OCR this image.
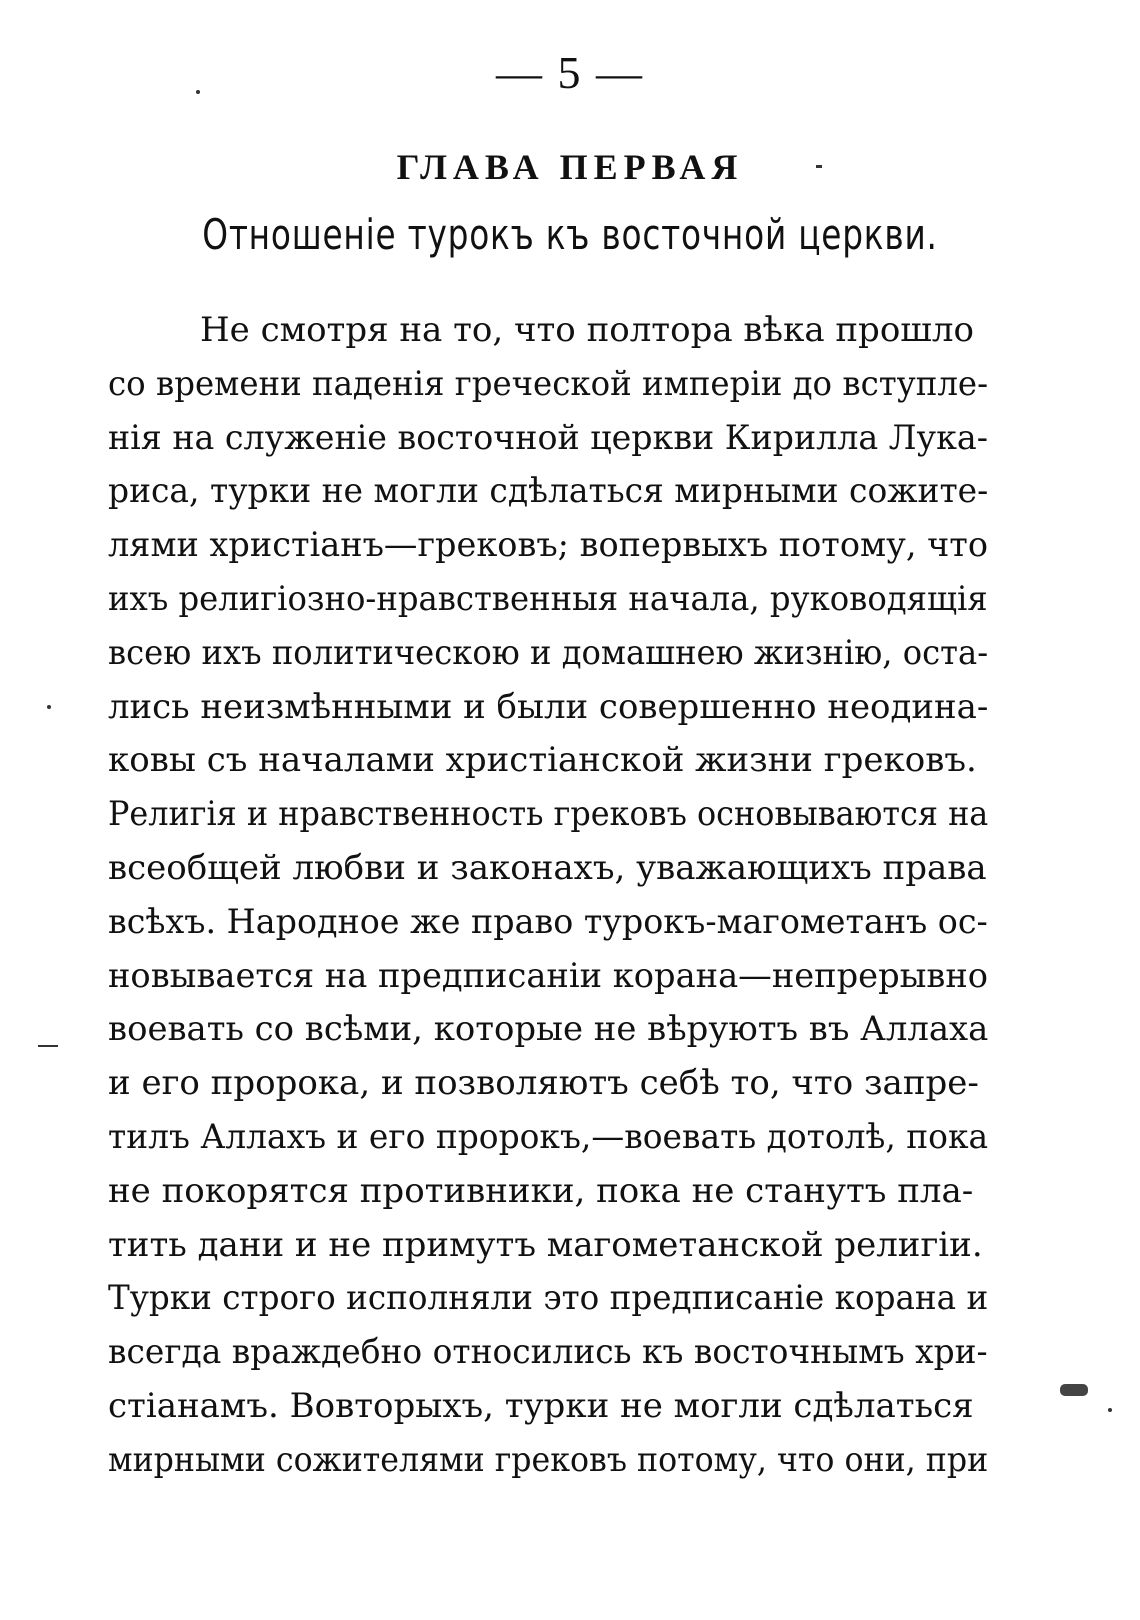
— 5 —
ГЛАВА ПЕРВАЯ
Отношеніе турокъ къ восточной церкви.
Не смотря на то, что полтора вѣка прошло
со времени паденія греческой имперіи до вступле-
нія на служеніе восточной церкви Кирилла Лука-
риса, турки не могли сдѣлаться мирными сожите-
лями христіанъ—грековъ; вопервыхъ потому, что
ихъ религіозно-нравственныя начала, руководящія
всею ихъ политическою и домашнею жизнію, оста-
лись неизмѣнными и были совершенно неодина-
ковы съ началами христіанской жизни грековъ.
Религія и нравственность грековъ основываются на
всеобщей любви и законахъ, уважающихъ права
всѣхъ. Народное же право турокъ-магометанъ ос-
новывается на предписаніи корана—непрерывно
воевать со всѣми, которые не вѣруютъ въ Аллаха
и его пророка, и позволяютъ себѣ то, что запре-
тилъ Аллахъ и его пророкъ,—воевать дотолѣ, пока
не покорятся противники, пока не станутъ пла-
тить дани и не примутъ магометанской религіи.
Турки строго исполняли это предписаніе корана и
всегда враждебно относились къ восточнымъ хри-
стіанамъ. Вовторыхъ, турки не могли сдѣлаться
мирными сожителями грековъ потому, что они, при
